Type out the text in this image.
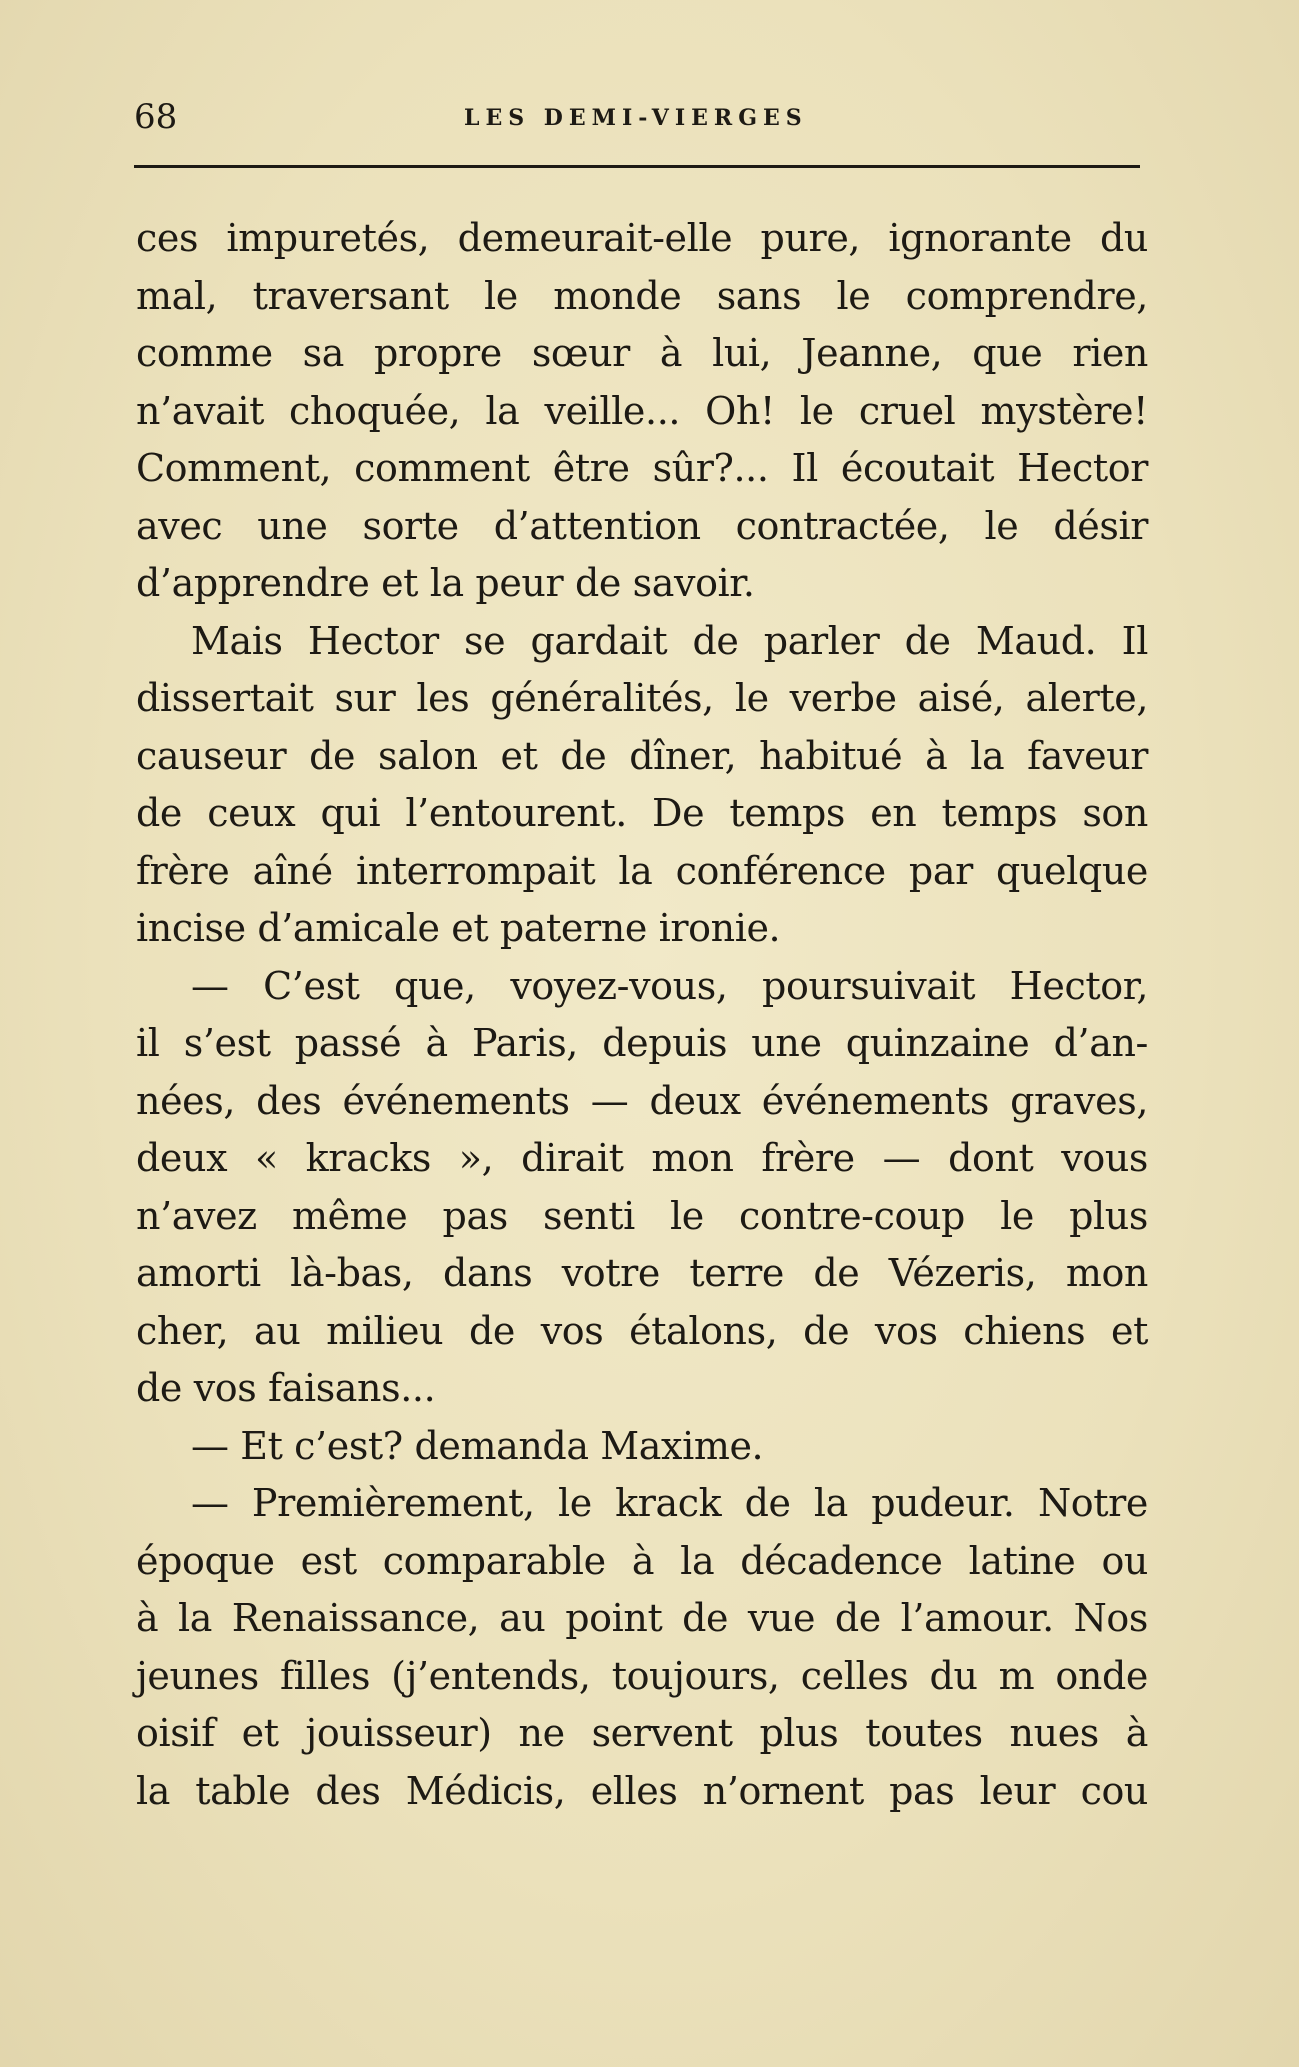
68	LES DEMI-VIERGES
ces impuretés, demeurait-elle pure, ignorante du
mal, traversant le monde sans le comprendre,
comme sa propre sœur à lui, Jeanne, que rien
n’avait choquée, la veille... Oh! le cruel mystère!
Comment, comment être sûr?... Il écoutait Hector
avec une sorte d’attention contractée, le désir
d’apprendre et la peur de savoir.
Mais Hector se gardait de parler de Maud. Il
dissertait sur les généralités, le verbe aisé, alerte,
causeur de salon et de dîner, habitué à la faveur
de ceux qui l’entourent. De temps en temps son
frère aîné interrompait la conférence par quelque
incise d’amicale et paterne ironie.
— C’est que, voyez-vous, poursuivait Hector,
il s’est passé à Paris, depuis une quinzaine d’an-
nées, des événements — deux événements graves,
deux « kracks », dirait mon frère — dont vous
n’avez même pas senti le contre-coup le plus
amorti là-bas, dans votre terre de Vézeris, mon
cher, au milieu de vos étalons, de vos chiens et
de vos faisans...
— Et c’est? demanda Maxime.
— Premièrement, le krack de la pudeur. Notre
époque est comparable à la décadence latine ou
à la Renaissance, au point de vue de l’amour. Nos
jeunes filles (j’entends, toujours, celles du m onde
oisif et jouisseur) ne servent plus toutes nues à
la table des Médicis, elles n’ornent pas leur cou
